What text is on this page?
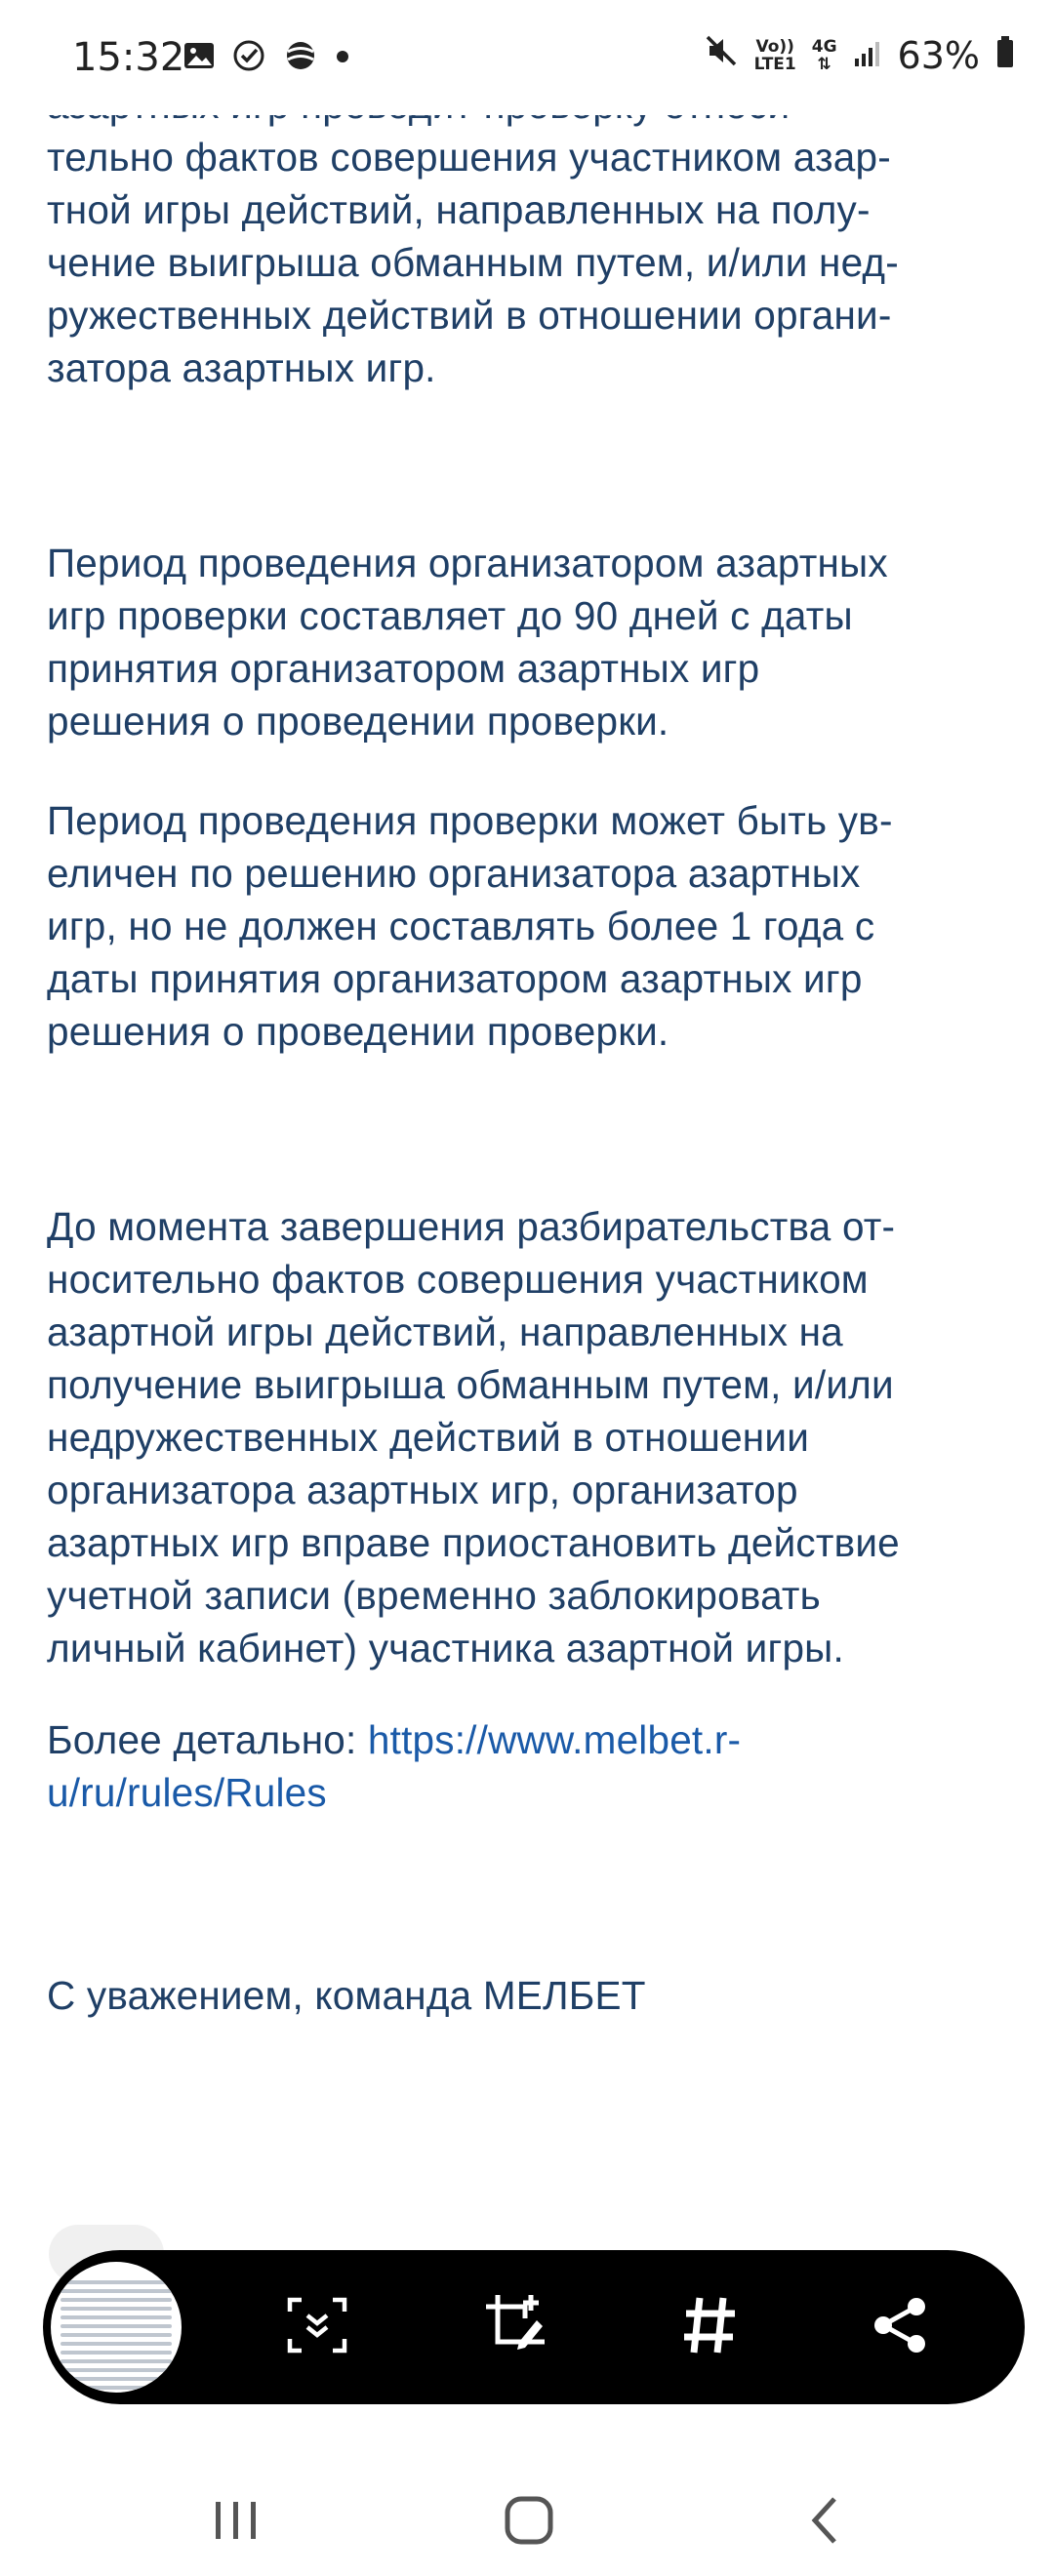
15:32	Vo))
LTE1
4G
⇅ 63%

тельно фактов совершения участником азар-
тной игры действий, направленных на полу-
чение выигрыша обманным путем, и/или нед-
ружественных действий в отношении органи-
затора азартных игр.

Период проведения организатором азартных
игр проверки составляет до 90 дней с даты
принятия организатором азартных игр
решения о проведении проверки.

Период проведения проверки может быть ув-
еличен по решению организатора азартных
игр, но не должен составлять более 1 года с
даты принятия организатором азартных игр
решения о проведении проверки.

До момента завершения разбирательства от-
носительно фактов совершения участником
азартной игры действий, направленных на
получение выигрыша обманным путем, и/или
недружественных действий в отношении
организатора азартных игр, организатор
азартных игр вправе приостановить действие
учетной записи (временно заблокировать
личный кабинет) участника азартной игры.

Более детально: https://www.melbet.r-
u/ru/rules/Rules

С уважением, команда МЕЛБЕТ
